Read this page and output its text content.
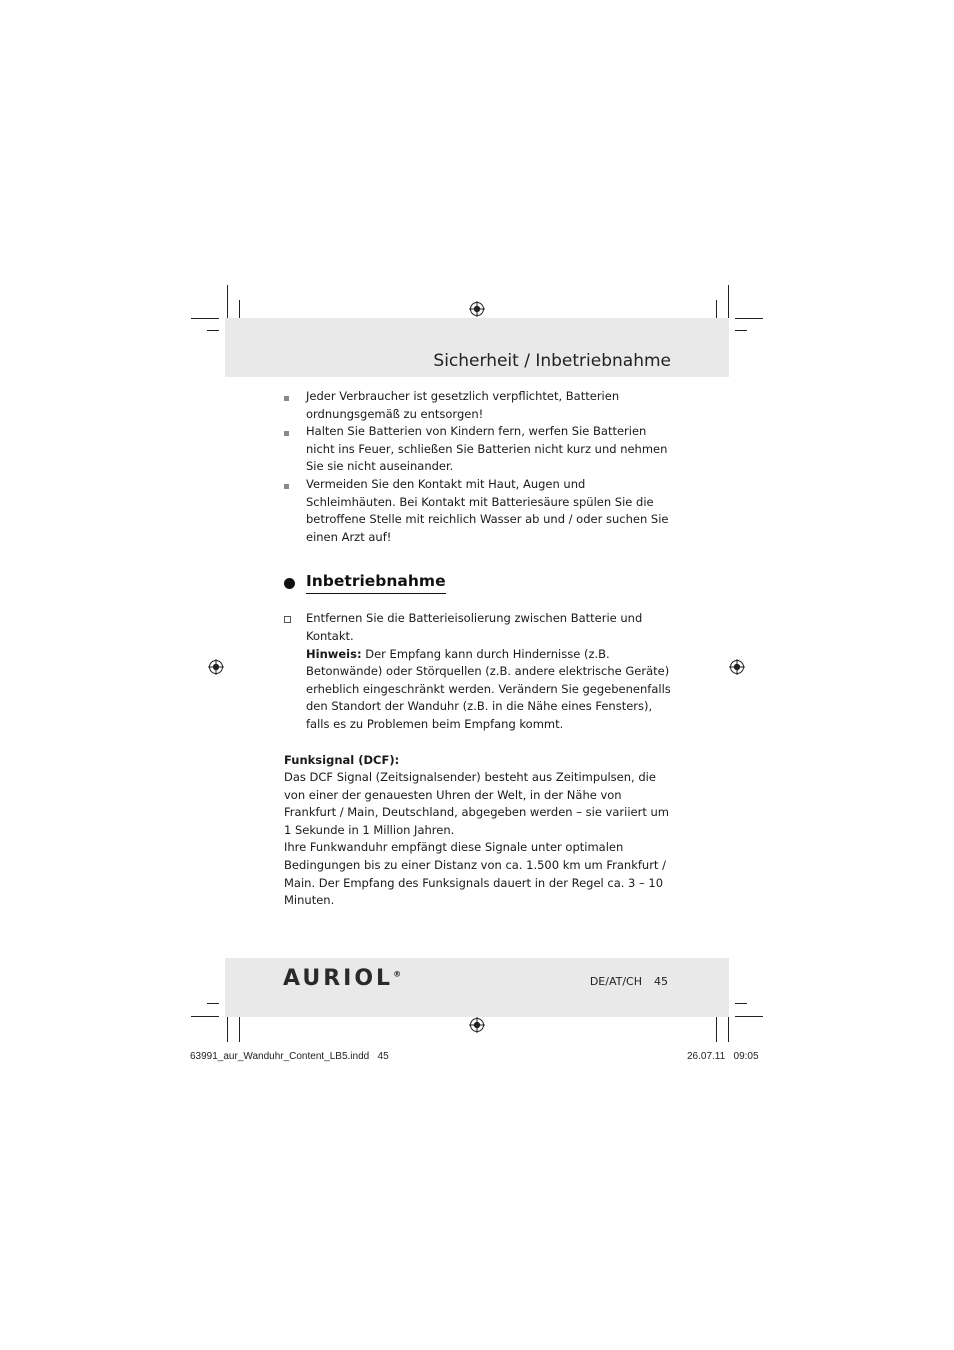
Sicherheit / Inbetriebnahme
Jeder Verbraucher ist gesetzlich verpflichtet, Batterien ordnungsgemäß zu entsorgen!
Halten Sie Batterien von Kindern fern, werfen Sie Batterien nicht ins Feuer, schließen Sie Batterien nicht kurz und nehmen Sie sie nicht auseinander.
Vermeiden Sie den Kontakt mit Haut, Augen und Schleimhäuten. Bei Kontakt mit Batteriesäure spülen Sie die betroffene Stelle mit reichlich Wasser ab und / oder suchen Sie einen Arzt auf!
Inbetriebnahme
Entfernen Sie die Batterieisolierung zwischen Batterie und Kontakt.
Hinweis: Der Empfang kann durch Hindernisse (z.B. Betonwände) oder Störquellen (z.B. andere elektrische Geräte) erheblich eingeschränkt werden. Verändern Sie gegebenenfalls den Standort der Wanduhr (z.B. in die Nähe eines Fensters), falls es zu Problemen beim Empfang kommt.
Funksignal (DCF):
Das DCF Signal (Zeitsignalsender) besteht aus Zeitimpulsen, die von einer der genauesten Uhren der Welt, in der Nähe von Frankfurt / Main, Deutschland, abgegeben werden – sie variiert um 1 Sekunde in 1 Million Jahren.
Ihre Funkwanduhr empfängt diese Signale unter optimalen Bedingungen bis zu einer Distanz von ca. 1.500 km um Frankfurt / Main. Der Empfang des Funksignals dauert in der Regel ca. 3 – 10 Minuten.
AURIOL®
DE/AT/CH 45
63991_aur_Wanduhr_Content_LB5.indd   45	26.07.11   09:05
